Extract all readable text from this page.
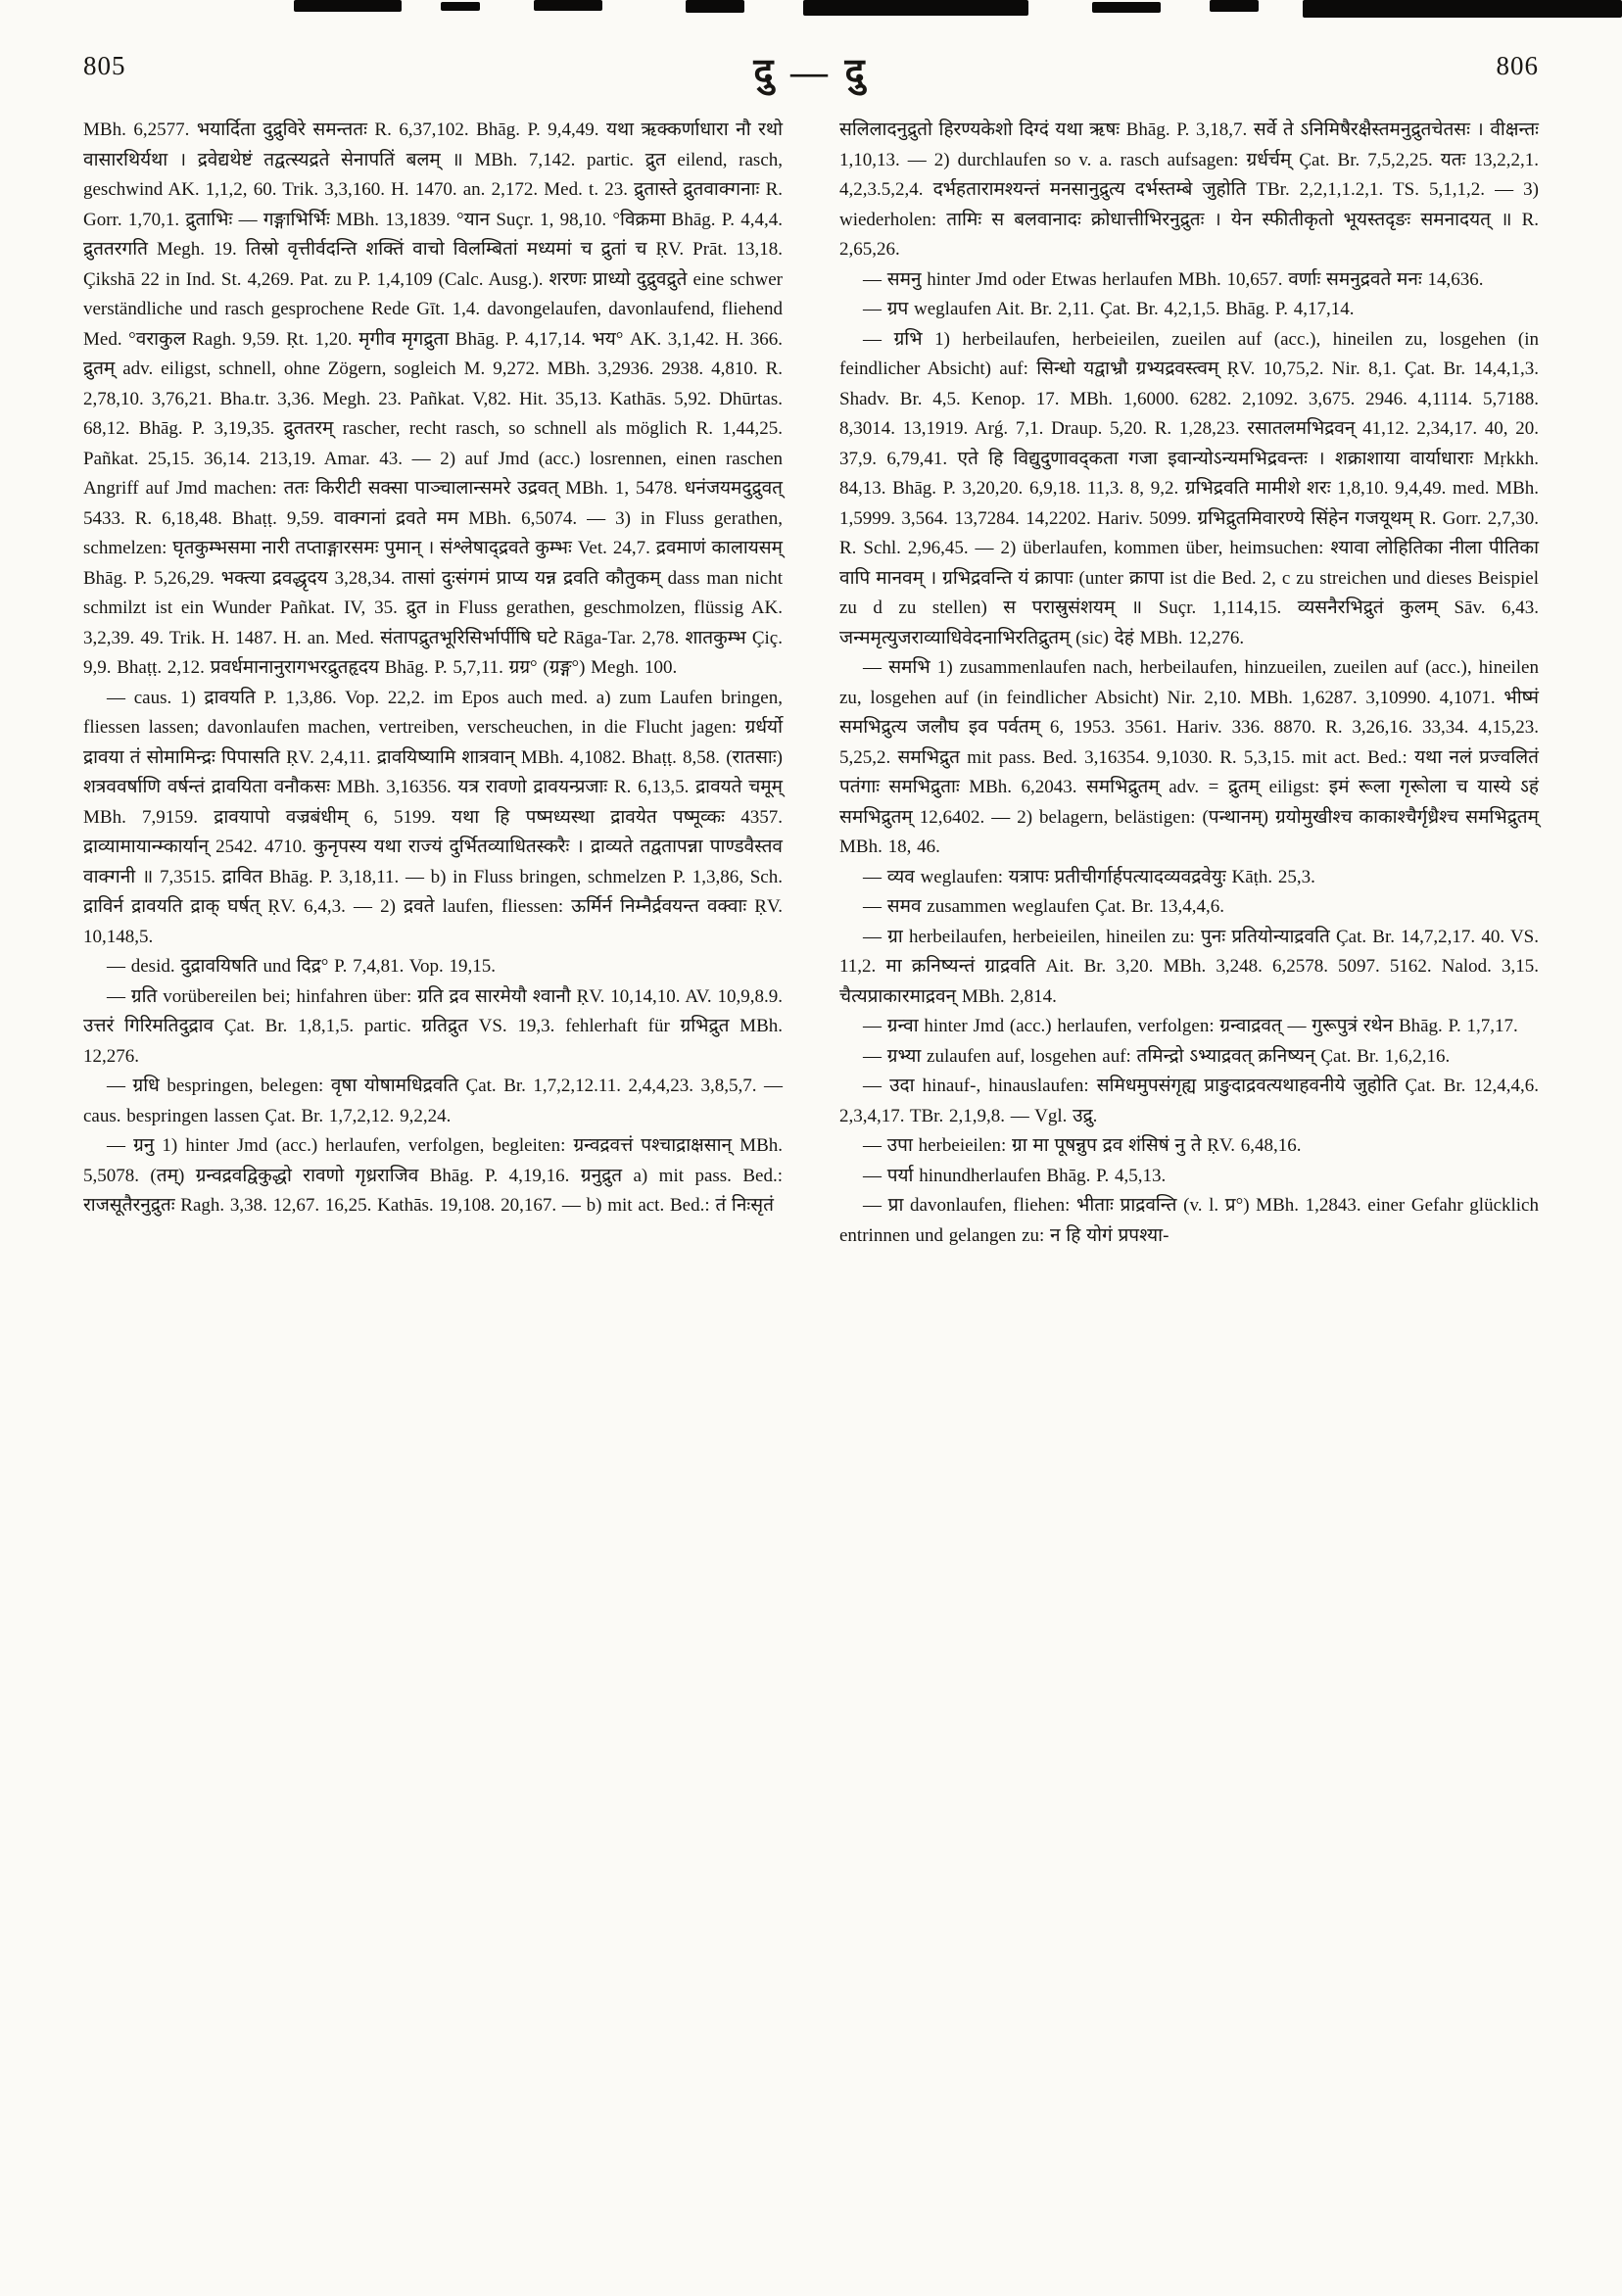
805	दु — दु	806

MBh. 6,2577. भयार्दिता दुद्रुविरे समन्ततः R. 6,37,102. Bhāg. P. 9,4,49. यथा ऋक्कर्णाधारा नौ रथो वासारथिर्यथा । द्रवेद्यथेष्टं तद्वत्स्यद्रते सेनापतिं बलम् ॥ MBh. 7,142. partic. द्रुत eilend, rasch, geschwind AK. 1,1,2, 60. Trik. 3,3,160. H. 1470. an. 2,172. Med. t. 23. द्रुतास्ते द्रुतवाक्गनाः R. Gorr. 1,70,1. द्रुताभिः — गङ्गाभिर्भिः MBh. 13,1839. °यान Suçr. 1, 98,10. °विक्रमा Bhāg. P. 4,4,4. द्रुततरगति Megh. 19. तिस्रो वृत्तीर्वदन्ति शक्तिं वाचो विलम्बितां मध्यमां च द्रुतां च ṚV. Prāt. 13,18. Çikshā 22 in Ind. St. 4,269. Pat. zu P. 1,4,109 (Calc. Ausg.). शरणः प्राध्यो दुद्रुवद्रुते eine schwer verständliche und rasch gesprochene Rede Gīt. 1,4. davongelaufen, davonlaufend, fliehend Med. °वराकुल Ragh. 9,59. Ṛt. 1,20. मृगीव मृगद्रुता Bhāg. P. 4,17,14. भय° AK. 3,1,42. H. 366. द्रुतम् adv. eiligst, schnell, ohne Zögern, sogleich M. 9,272. MBh. 3,2936. 2938. 4,810. R. 2,78,10. 3,76,21. Bha.tr. 3,36. Megh. 23. Pañkat. V,82. Hit. 35,13. Kathās. 5,92. Dhūrtas. 68,12. Bhāg. P. 3,19,35. द्रुततरम् rascher, recht rasch, so schnell als möglich R. 1,44,25. Pañkat. 25,15. 36,14. 213,19. Amar. 43. — 2) auf Jmd (acc.) losrennen, einen raschen Angriff auf Jmd machen: ततः किरीटी सक्सा पाञ्चालान्समरे उद्रवत् MBh. 1, 5478. धनंजयमदुद्रुवत् 5433. R. 6,18,48. Bhaṭṭ. 9,59. वाक्गनां द्रवते मम MBh. 6,5074. — 3) in Fluss gerathen, schmelzen: घृतकुम्भसमा नारी तप्ताङ्गारसमः पुमान् । संश्लेषाद्द्रवते कुम्भः Vet. 24,7. द्रवमाणं कालायसम् Bhāg. P. 5,26,29. भक्त्या द्रवद्धृदय 3,28,34. तासां दुःसंगमं प्राप्य यन्न द्रवति कौतुकम् dass man nicht schmilzt ist ein Wunder Pañkat. IV, 35. द्रुत in Fluss gerathen, geschmolzen, flüssig AK. 3,2,39. 49. Trik. H. 1487. H. an. Med. संतापद्रुतभूरिसिर्भार्पीषि घटे Rāga-Tar. 2,78. शातकुम्भ Çiç. 9,9. Bhaṭṭ. 2,12. प्रवर्धमानानुरागभरद्रुतहृदय Bhāg. P. 5,7,11. ग्रग्र° (ग्रङ्ग°) Megh. 100.

— caus. 1) द्रावयति P. 1,3,86. Vop. 22,2. im Epos auch med. a) zum Laufen bringen, fliessen lassen; davonlaufen machen, vertreiben, verscheuchen, in die Flucht jagen: ग्रर्धर्यो द्रावया तं सोमामिन्द्रः पिपासति ṚV. 2,4,11. द्रावयिष्यामि शात्रवान् MBh. 4,1082. Bhaṭṭ. 8,58. (रातसाः) शत्रववर्षाणि वर्षन्तं द्रावयिता वनौकसः MBh. 3,16356. यत्र रावणो द्रावयन्प्रजाः R. 6,13,5. द्रावयते चमूम् MBh. 7,9159. द्रावयापो वज्रबंधीम् 6, 5199. यथा हि पष्मध्यस्था द्रावयेत पष्मूव्कः 4357. द्राव्यामायान्म्कार्यान् 2542. 4710. कुनृपस्य यथा राज्यं दुर्भितव्याधितस्करैः । द्राव्यते तद्वतापन्ना पाण्डवैस्तव वाक्गनी ॥ 7,3515. द्रावित Bhāg. P. 3,18,11. — b) in Fluss bringen, schmelzen P. 1,3,86, Sch. द्राविर्न द्रावयति द्राक् घर्षत् ṚV. 6,4,3. — 2) द्रवते laufen, fliessen: ऊर्मिर्न निम्नैर्द्रवयन्त वक्वाः ṚV. 10,148,5.

— desid. दुद्रावयिषति und दिद्र° P. 7,4,81. Vop. 19,15.

— ग्रति vorübereilen bei; hinfahren über: ग्रति द्रव सारमेयौ श्वानौ ṚV. 10,14,10. AV. 10,9,8.9. उत्तरं गिरिमतिदुद्राव Çat. Br. 1,8,1,5. partic. ग्रतिद्रुत VS. 19,3. fehlerhaft für ग्रभिद्रुत MBh. 12,276.

— ग्रधि bespringen, belegen: वृषा योषामधिद्रवति Çat. Br. 1,7,2,12.11. 2,4,4,23. 3,8,5,7. — caus. bespringen lassen Çat. Br. 1,7,2,12. 9,2,24.

— ग्रनु 1) hinter Jmd (acc.) herlaufen, verfolgen, begleiten: ग्रन्वद्रवत्तं पश्चाद्राक्षसान् MBh. 5,5078. (तम्) ग्रन्वद्रवद्विकुद्धो रावणो गृध्रराजिव Bhāg. P. 4,19,16. ग्रनुद्रुत a) mit pass. Bed.: राजसूतैरनुद्रुतः Ragh. 3,38. 12,67. 16,25. Kathās. 19,108. 20,167. — b) mit act. Bed.: तं निःसृतं

सलिलादनुद्रुतो हिरण्यकेशो दिग्दं यथा ऋषः Bhāg. P. 3,18,7. सर्वे ते ऽनिमिषैरक्षैस्तमनुद्रुतचेतसः । वीक्षन्तः 1,10,13. — 2) durchlaufen so v. a. rasch aufsagen: ग्रर्धर्चम् Çat. Br. 7,5,2,25. यतः 13,2,2,1. 4,2,3.5,2,4. दर्भहतारामश्यन्तं मनसानुद्रुत्य दर्भस्तम्बे जुहोति TBr. 2,2,1,1.2,1. TS. 5,1,1,2. — 3) wiederholen: तामिः स बलवानादः क्रोधात्तीभिरनुद्रुतः । येन स्फीतीकृतो भूयस्तदृङः समनादयत् ॥ R. 2,65,26.

— समनु hinter Jmd oder Etwas herlaufen MBh. 10,657. वर्णाः समनुद्रवते मनः 14,636.

— ग्रप weglaufen Ait. Br. 2,11. Çat. Br. 4,2,1,5. Bhāg. P. 4,17,14.

— ग्रभि 1) herbeilaufen, herbeieilen, zueilen auf (acc.), hineilen zu, losgehen (in feindlicher Absicht) auf: सिन्धो यद्वाभ्रौ ग्रभ्यद्रवस्त्वम् ṚV. 10,75,2. Nir. 8,1. Çat. Br. 14,4,1,3. Shadv. Br. 4,5. Kenop. 17. MBh. 1,6000. 6282. 2,1092. 3,675. 2946. 4,1114. 5,7188. 8,3014. 13,1919. Arǵ. 7,1. Draup. 5,20. R. 1,28,23. रसातलमभिद्रवन् 41,12. 2,34,17. 40, 20. 37,9. 6,79,41. एते हि विद्युदुणावद्कता गजा इवान्योऽन्यमभिद्रवन्तः । शक्राशाया वार्याधाराः Mṛkkh. 84,13. Bhāg. P. 3,20,20. 6,9,18. 11,3. 8, 9,2. ग्रभिद्रवति मामीशे शरः 1,8,10. 9,4,49. med. MBh. 1,5999. 3,564. 13,7284. 14,2202. Hariv. 5099. ग्रभिद्रुतमिवारण्ये सिंहेन गजयूथम् R. Gorr. 2,7,30. R. Schl. 2,96,45. — 2) überlaufen, kommen über, heimsuchen: श्यावा लोहितिका नीला पीतिका वापि मानवम् । ग्रभिद्रवन्ति यं क्रापाः (unter क्रापा ist die Bed. 2, c zu streichen und dieses Beispiel zu d zu stellen) स परास्रुसंशयम् ॥ Suçr. 1,114,15. व्यसनैरभिद्रुतं कुलम् Sāv. 6,43. जन्ममृत्युजराव्याधिवेदनाभिरतिद्रुतम् (sic) देहं MBh. 12,276.

— समभि 1) zusammenlaufen nach, herbeilaufen, hinzueilen, zueilen auf (acc.), hineilen zu, losgehen auf (in feindlicher Absicht) Nir. 2,10. MBh. 1,6287. 3,10990. 4,1071. भीष्मं समभिद्रुत्य जलौघ इव पर्वतम् 6, 1953. 3561. Hariv. 336. 8870. R. 3,26,16. 33,34. 4,15,23. 5,25,2. समभिद्रुत mit pass. Bed. 3,16354. 9,1030. R. 5,3,15. mit act. Bed.: यथा नलं प्रज्वलितं पतंगाः समभिद्रुताः MBh. 6,2043. समभिद्रुतम् adv. = द्रुतम् eiligst: इमं रूला गृरूोला च यास्ये ऽहं समभिद्रुतम् 12,6402. — 2) belagern, belästigen: (पन्थानम्) ग्रयोमुखीश्च काकाश्चैर्गृध्रैश्च समभिद्रुतम् MBh. 18, 46.

— व्यव weglaufen: यत्रापः प्रतीचीर्गार्हपत्यादव्यवद्रवेयुः Kāṭh. 25,3.

— समव zusammen weglaufen Çat. Br. 13,4,4,6.

— ग्रा herbeilaufen, herbeieilen, hineilen zu: पुनः प्रतियोन्याद्रवति Çat. Br. 14,7,2,17. 40. VS. 11,2. मा क्रनिष्यन्तं ग्राद्रवति Ait. Br. 3,20. MBh. 3,248. 6,2578. 5097. 5162. Nalod. 3,15. चैत्यप्राकारमाद्रवन् MBh. 2,814.

— ग्रन्वा hinter Jmd (acc.) herlaufen, verfolgen: ग्रन्वाद्रवत् — गुरूपुत्रं रथेन Bhāg. P. 1,7,17.

— ग्रभ्या zulaufen auf, losgehen auf: तमिन्द्रो ऽभ्याद्रवत् क्रनिष्यन् Çat. Br. 1,6,2,16.

— उदा hinauf-, hinauslaufen: समिधमुपसंगृह्य प्राङुदाद्रवत्यथाहवनीये जुहोति Çat. Br. 12,4,4,6. 2,3,4,17. TBr. 2,1,9,8. — Vgl. उद्रु.

— उपा herbeieilen: ग्रा मा पूषन्नुप द्रव शंसिषं नु ते ṚV. 6,48,16.

— पर्या hinundherlaufen Bhāg. P. 4,5,13.

— प्रा davonlaufen, fliehen: भीताः प्राद्रवन्ति (v. l. प्र°) MBh. 1,2843. einer Gefahr glücklich entrinnen und gelangen zu: न हि योगं प्रपश्या-
